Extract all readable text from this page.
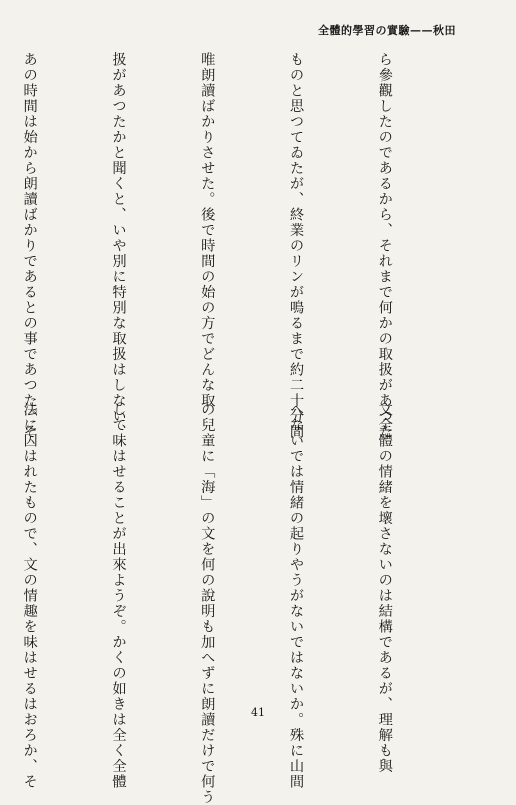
全體的學習の實驗——秋田

ら參觀したのであるから、それまで何かの取扱があつた

ものと思つてゐたが、終業のリンが鳴るまで約二十分間

唯朗讀ばかりさせた。後で時間の始の方でどんな取

扱があつたかと聞くと、いや別に特別な取扱はしない、

あの時間は始から朗讀ばかりであるとの事であつた。そ

文全體の情緒を壞さないのは結構であるが、理解も與

へないでは情緒の起りやうがないではないか。殊に山間

の兒童に「海」の文を何の說明も加へずに朗讀だけで何う

して味はせることが出來ようぞ。かくの如きは全く全體

法に囚はれたもので、文の情趣を味はせるはおろか、そ

	41
